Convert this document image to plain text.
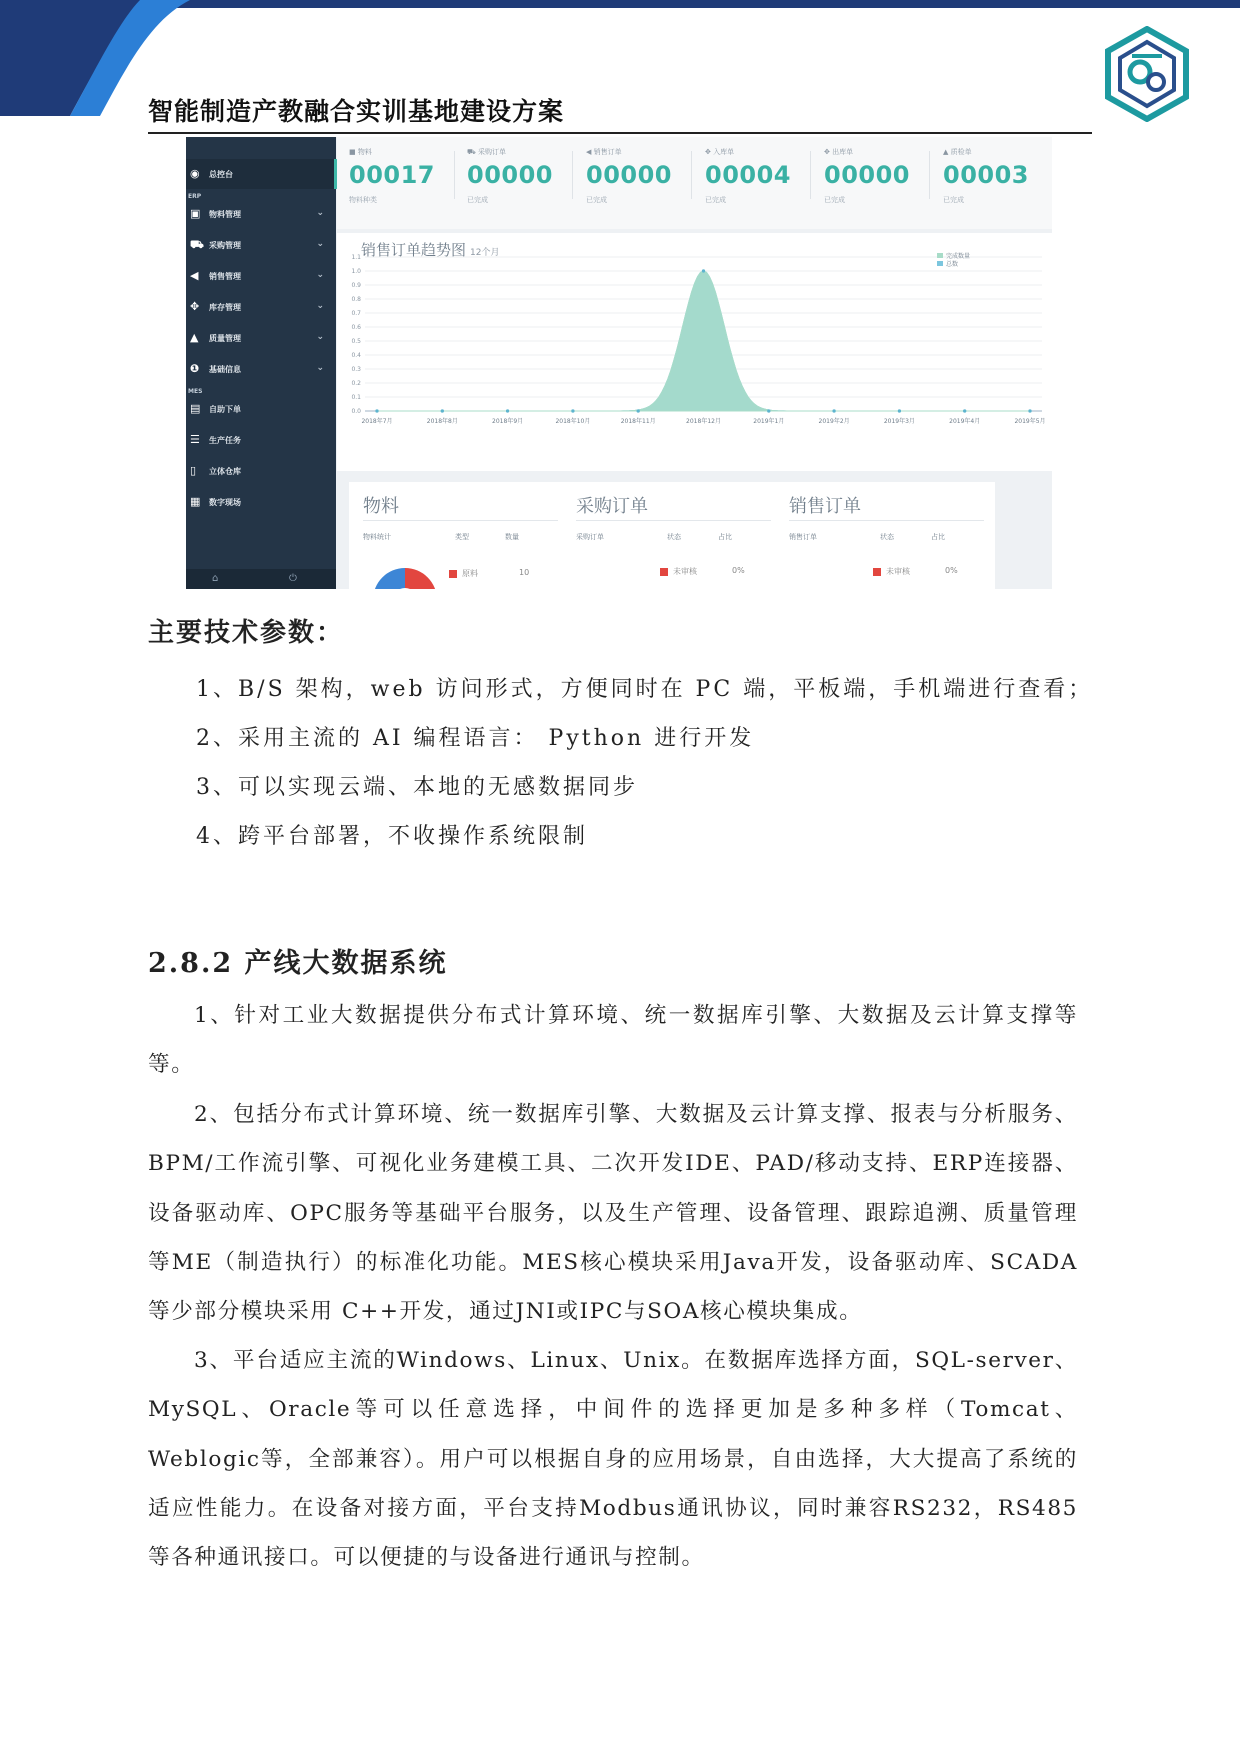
智能制造产教融合实训基地建设方案
◉ 总控台
ERP
▣ 物料管理	⌄
⛟ 采购管理	⌄
◀	销售管理	⌄
✥	库存管理	⌄
▲	质量管理	⌄
❶	基础信息	⌄
MES
▤ 自助下单
☰ 生产任务
▯	立体仓库
▦ 数字现场
⌂	⏻
■ 物料
00017
物料种类
⛟ 采购订单
00000
已完成
◀ 销售订单
00000
已完成
✥ 入库单
00004
已完成
✥ 出库单
00000
已完成
▲ 质检单
00003
已完成
销售订单趋势图 12个月
0.0
0.1
0.2
0.3
0.4
0.5
0.6
0.7
0.8
0.9
1.0
1.1
2018年7月	2018年8月	2018年9月	2018年10月	2018年11月	2018年12月	2019年1月	2019年2月	2019年3月	2019年4月	2019年5月
完成数量
总数
物料
物料统计	类型	数量
原料	10
采购订单
采购订单	状态	占比
未审核	0%
销售订单
销售订单	状态	占比
未审核	0%
主要技术参数：
1、B/S 架构，web 访问形式，方便同时在 PC 端，平板端，手机端进行查看；
2、采用主流的 AI 编程语言： Python 进行开发
3、可以实现云端、本地的无感数据同步
4、跨平台部署，不收操作系统限制
2.8.2 产线大数据系统

1、针对工业大数据提供分布式计算环境、统一数据库引擎、大数据及云计算支撑等等。

2、包括分布式计算环境、统一数据库引擎、大数据及云计算支撑、报表与分析服务、BPM/工作流引擎、可视化业务建模工具、二次开发IDE、PAD/移动支持、ERP连接器、设备驱动库、OPC服务等基础平台服务，以及生产管理、设备管理、跟踪追溯、质量管理等ME（制造执行）的标准化功能。MES核心模块采用Java开发，设备驱动库、SCADA等少部分模块采用 C++开发，通过JNI或IPC与SOA核心模块集成。

3、平台适应主流的Windows、Linux、Unix。在数据库选择方面，SQL-server、MySQL、Oracle等可以任意选择，中间件的选择更加是多种多样（Tomcat、Weblogic等，全部兼容）。用户可以根据自身的应用场景，自由选择，大大提高了系统的适应性能力。在设备对接方面，平台支持Modbus通讯协议，同时兼容RS232，RS485等各种通讯接口。可以便捷的与设备进行通讯与控制。
